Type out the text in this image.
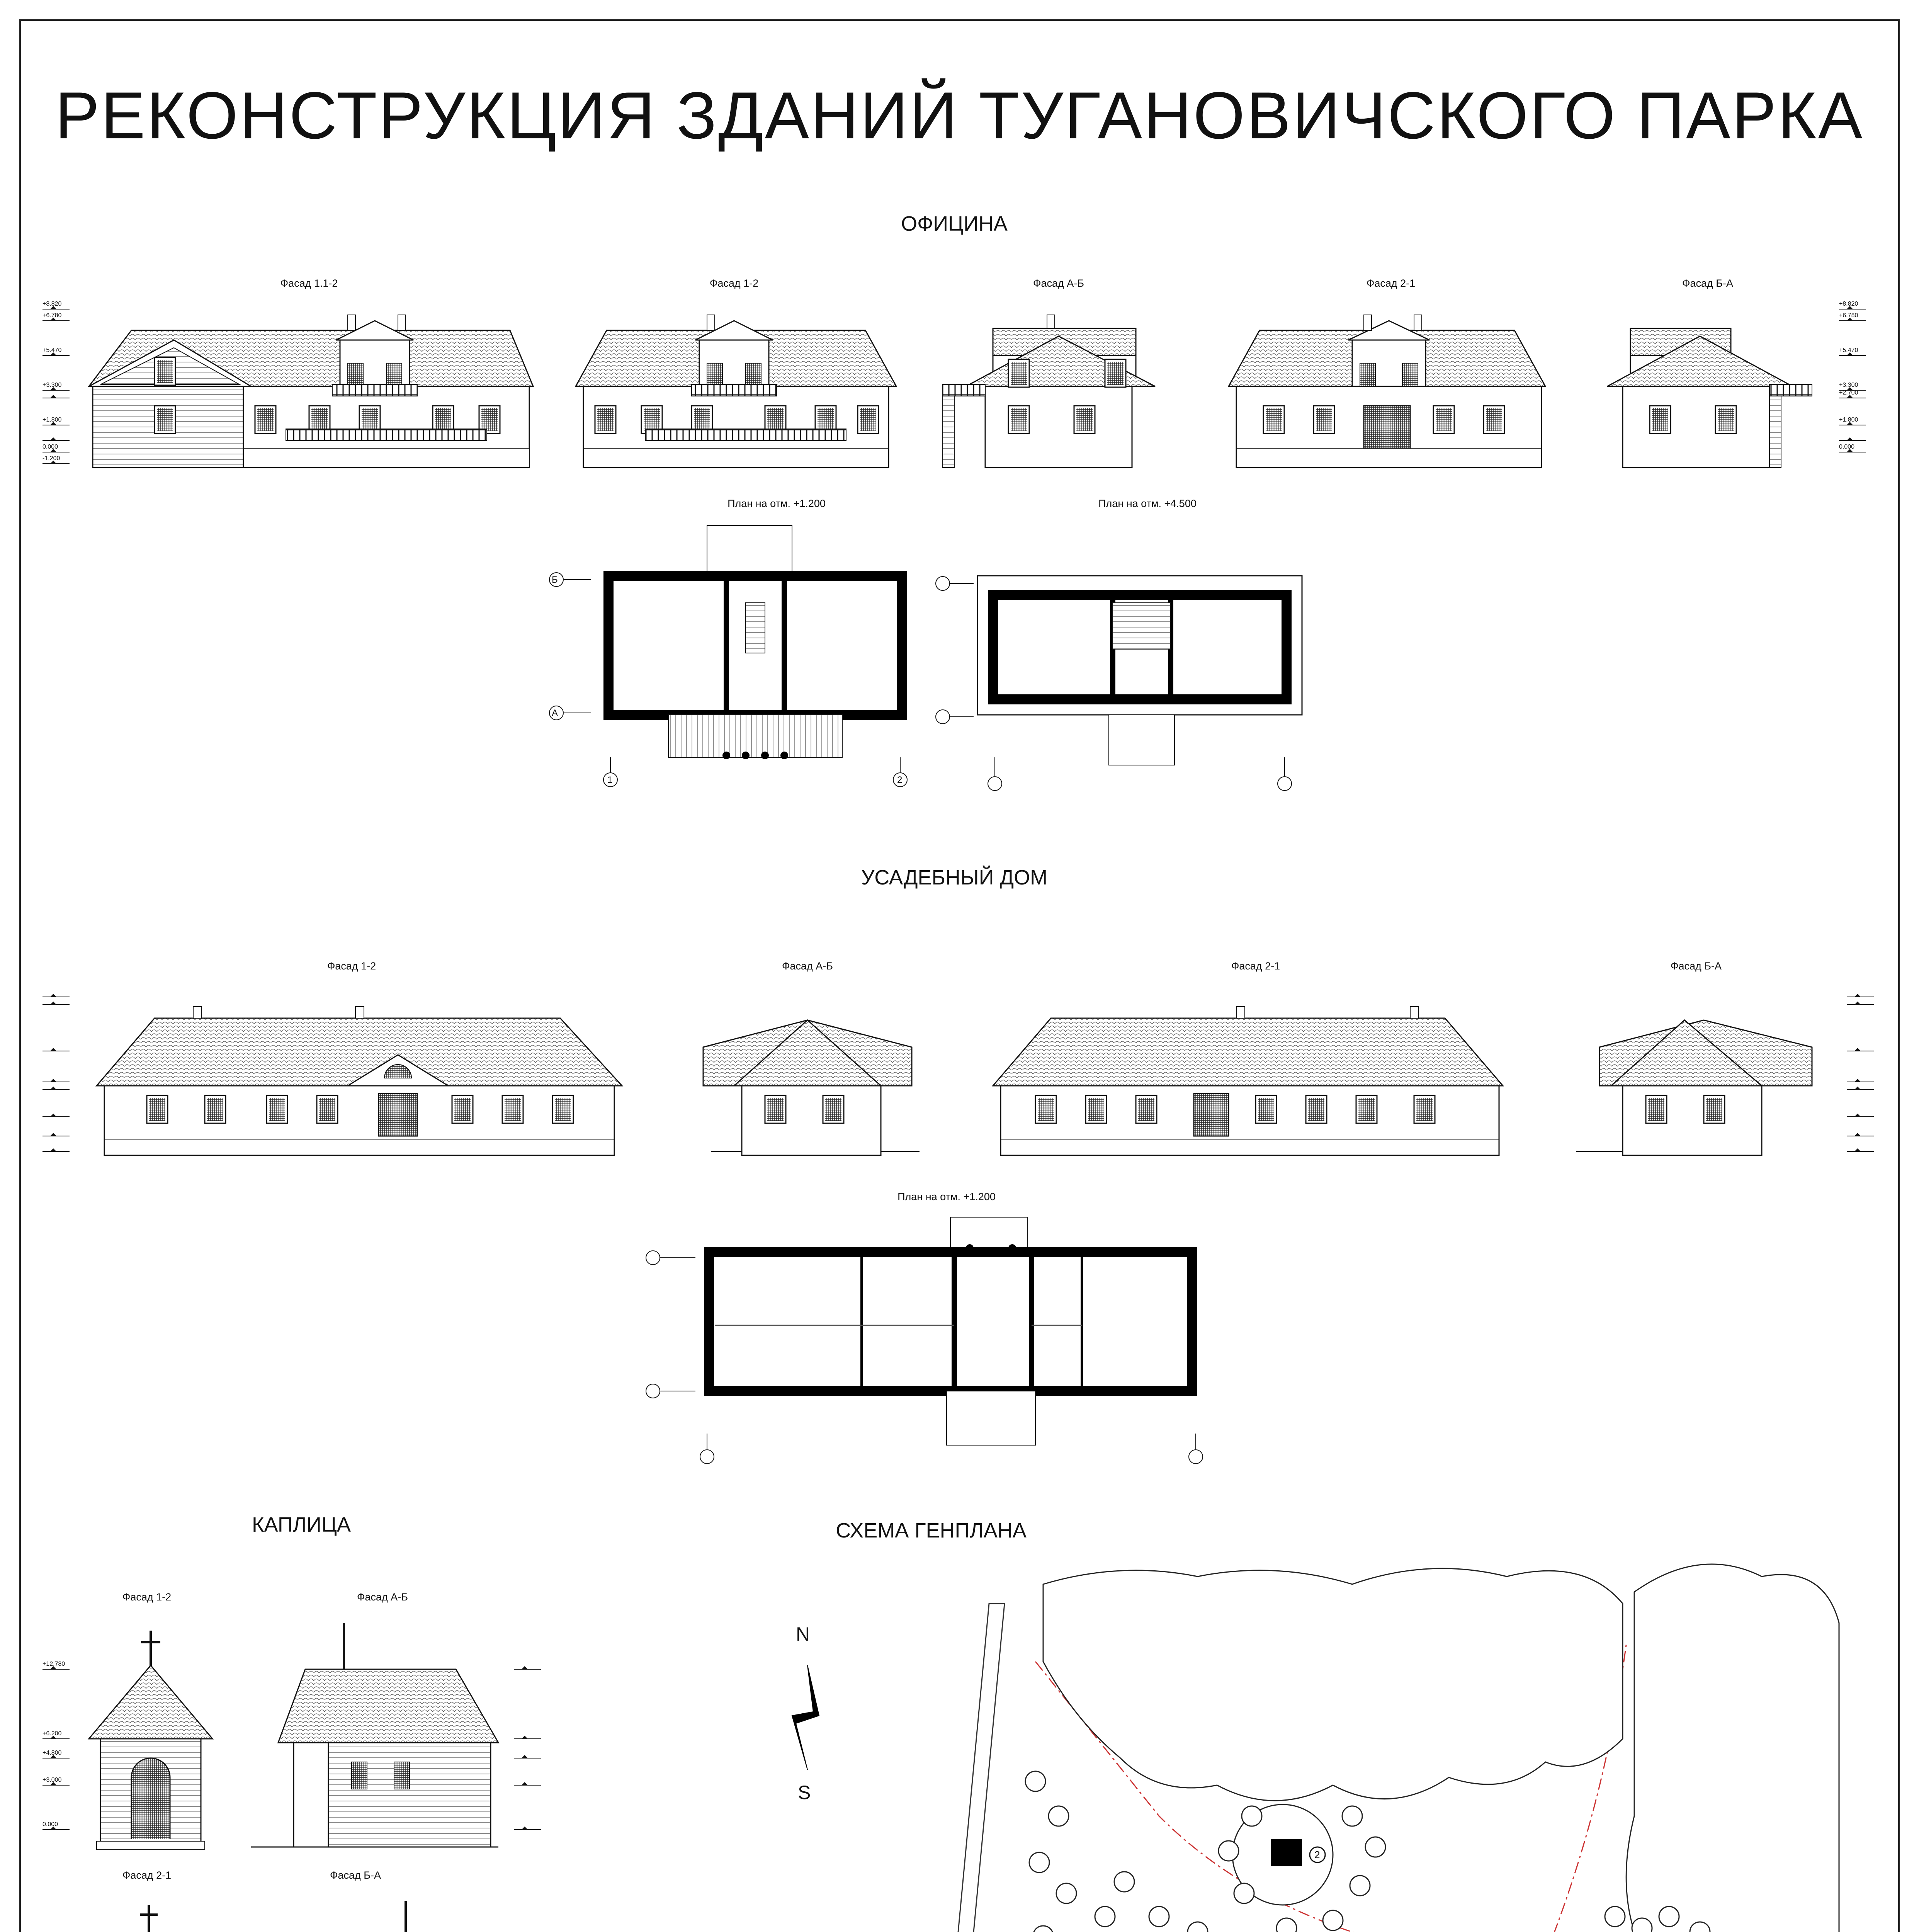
РЕКОНСТРУКЦИЯ ЗДАНИЙ ТУГАНОВИЧСКОГО ПАРКА
ОФИЦИНА
УСАДЕБНЫЙ ДОМ
КАПЛИЦА	СХЕМА ГЕНПЛАНА
Фасад 1.1-2	Фасад 1-2	Фасад А-Б	Фасад 2-1	Фасад Б-А
План на отм. +1.200	План на отм. +4.500
Фасад 1-2	Фасад А-Б	Фасад 2-1	Фасад Б-А
План на отм. +1.200
Фасад 1-2	Фасад А-Б
Фасад 2-1	Фасад Б-А
Б
А
1	2
N
S
2
+8.820
+6.780
+5.470
+3.300
+1.800
0.000
-1.200
+12.780
+6.200
+4.800
+3.000
0.000
+8.820
+6.780
+5.470
+3.300
+2.700
+1.800
0.000
